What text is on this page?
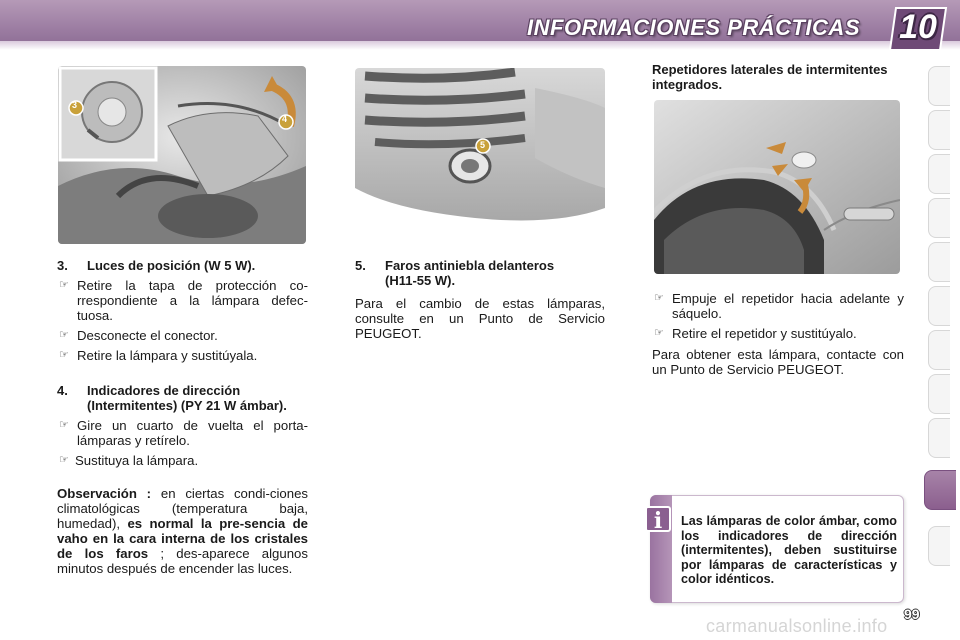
INFORMACIONES PRÁCTICAS	10
3
4
5
3. Luces de posición (W 5 W).
☞ Retire la tapa de protección co-rrespondiente a la lámpara defec-tuosa.
☞ Desconecte el conector.
☞ Retire la lámpara y sustitúyala.
4. Indicadores de dirección
(Intermitentes) (PY 21 W ámbar).
☞ Gire un cuarto de vuelta el porta-lámparas y retírelo.
☞ Sustituya la lámpara.
Observación : en ciertas condi-ciones climatológicas (temperatura baja, humedad), es normal la pre-sencia de vaho en la cara interna de los cristales de los faros ; des-aparece algunos minutos después de encender las luces.
5. Faros antiniebla delanteros
(H11-55 W).
Para el cambio de estas lámparas, consulte en un Punto de Servicio PEUGEOT.
Repetidores laterales de intermitentes integrados.
☞ Empuje el repetidor hacia adelante y sáquelo.
☞ Retire el repetidor y sustitúyalo.
Para obtener esta lámpara, contacte con un Punto de Servicio PEUGEOT.
i	Las lámparas de color ámbar, como los indicadores de dirección (intermitentes), deben sustituirse por lámparas de características y color idénticos.
99
carmanualsonline.info
